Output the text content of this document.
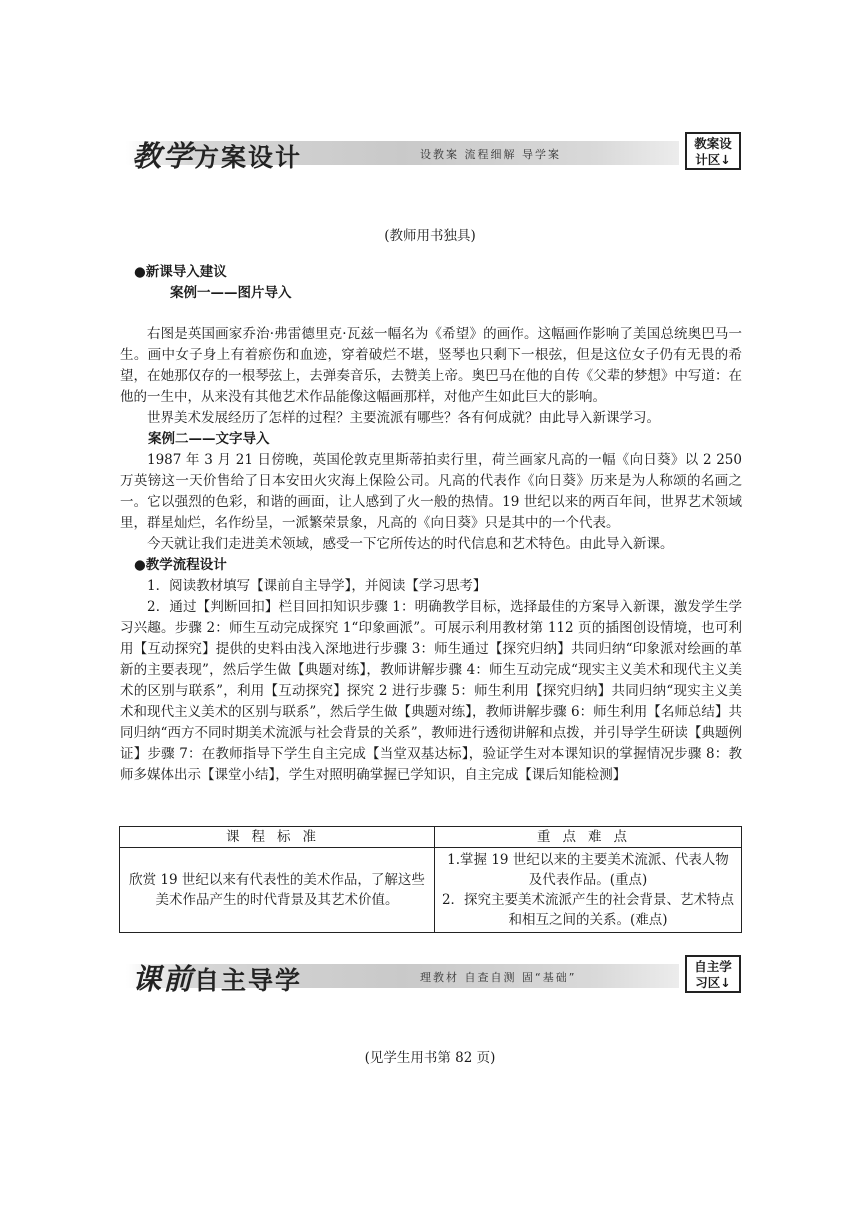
教学方案设计	设教案 流程细解 导学案
教案设
计区↓
(教师用书独具)
●新课导入建议
案例一——图片导入

右图是英国画家乔治·弗雷德里克·瓦兹一幅名为《希望》的画作。这幅画作影响了美国总统奥巴马一生。画中女子身上有着瘀伤和血迹，穿着破烂不堪，竖琴也只剩下一根弦，但是这位女子仍有无畏的希望，在她那仅存的一根琴弦上，去弹奏音乐，去赞美上帝。奥巴马在他的自传《父辈的梦想》中写道：在他的一生中，从来没有其他艺术作品能像这幅画那样，对他产生如此巨大的影响。

世界美术发展经历了怎样的过程？主要流派有哪些？各有何成就？由此导入新课学习。

案例二——文字导入

1987 年 3 月 21 日傍晚，英国伦敦克里斯蒂拍卖行里，荷兰画家凡高的一幅《向日葵》以 2 250 万英镑这一天价售给了日本安田火灾海上保险公司。凡高的代表作《向日葵》历来是为人称颂的名画之一。它以强烈的色彩，和谐的画面，让人感到了火一般的热情。19 世纪以来的两百年间，世界艺术领域里，群星灿烂，名作纷呈，一派繁荣景象，凡高的《向日葵》只是其中的一个代表。

今天就让我们走进美术领域，感受一下它所传达的时代信息和艺术特色。由此导入新课。

●教学流程设计

1．阅读教材填写【课前自主导学】，并阅读【学习思考】

2．通过【判断回扣】栏目回扣知识步骤 1：明确教学目标，选择最佳的方案导入新课，激发学生学习兴趣。步骤 2：师生互动完成探究 1“印象画派”。可展示利用教材第 112 页的插图创设情境，也可利用【互动探究】提供的史料由浅入深地进行步骤 3：师生通过【探究归纳】共同归纳“印象派对绘画的革新的主要表现”，然后学生做【典题对练】，教师讲解步骤 4：师生互动完成“现实主义美术和现代主义美术的区别与联系”，利用【互动探究】探究 2 进行步骤 5：师生利用【探究归纳】共同归纳“现实主义美术和现代主义美术的区别与联系”，然后学生做【典题对练】，教师讲解步骤 6：师生利用【名师总结】共同归纳“西方不同时期美术流派与社会背景的关系”，教师进行透彻讲解和点拨，并引导学生研读【典题例证】步骤 7：在教师指导下学生自主完成【当堂双基达标】，验证学生对本课知识的掌握情况步骤 8：教师多媒体出示【课堂小结】，学生对照明确掌握已学知识，自主完成【课后知能检测】

课程标准	重点难点
欣赏 19 世纪以来有代表性的美术作品，了解这些美术作品产生的时代背景及其艺术价值。	1.掌握 19 世纪以来的主要美术流派、代表人物及代表作品。(重点)
2．探究主要美术流派产生的社会背景、艺术特点和相互之间的关系。(难点)
课前自主导学	理教材 自查自测 固“基础”
自主学
习区↓
(见学生用书第 82 页)
